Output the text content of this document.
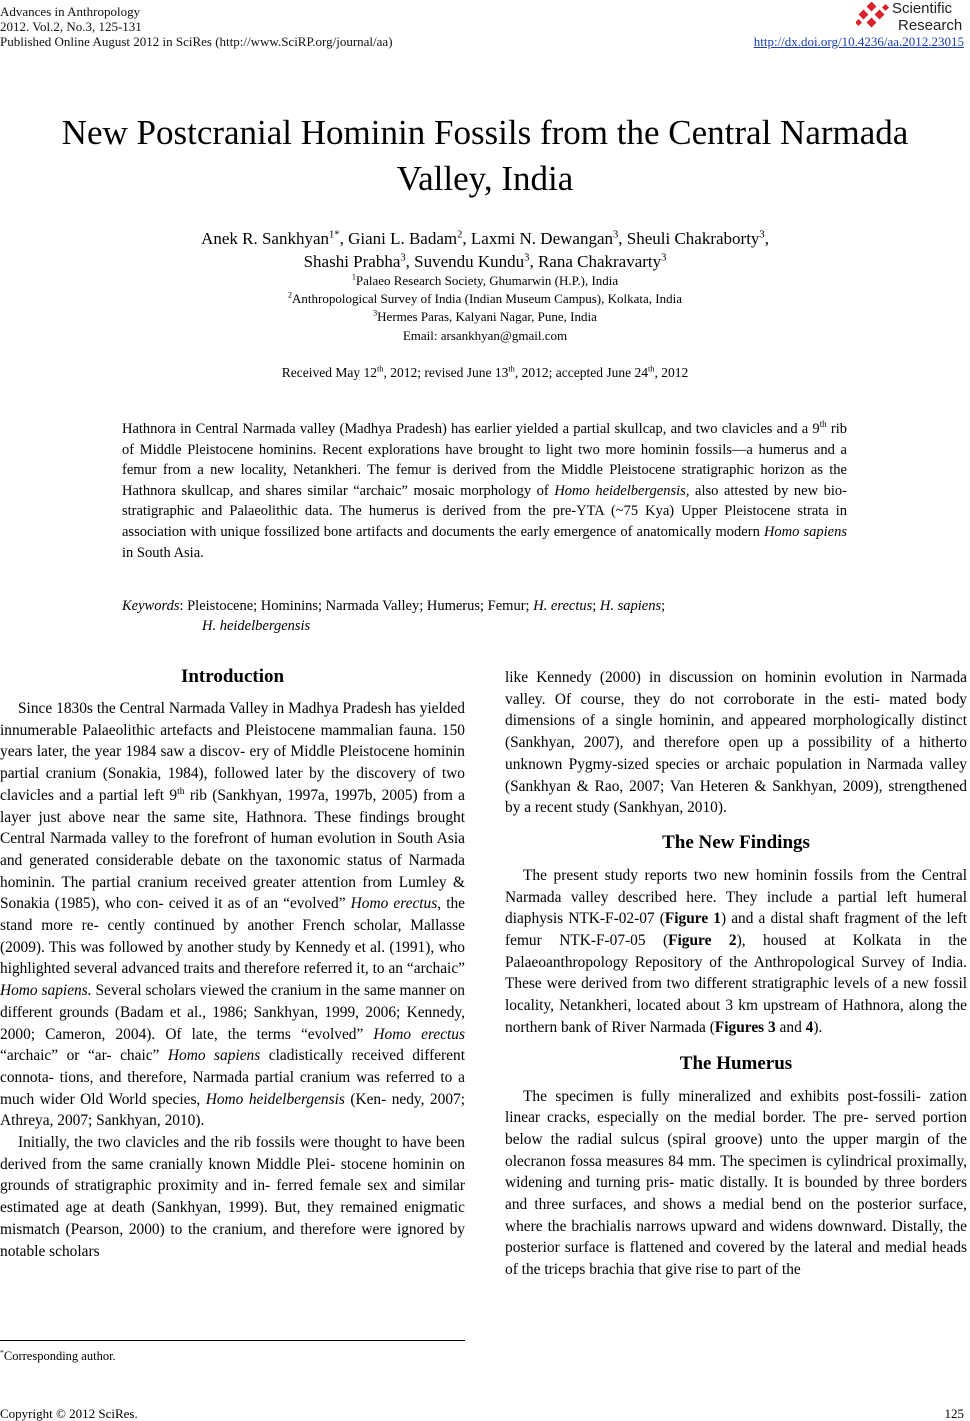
Advances in Anthropology
2012. Vol.2, No.3, 125-131
Published Online August 2012 in SciRes (http://www.SciRP.org/journal/aa)	http://dx.doi.org/10.4236/aa.2012.23015
Scientific
Research
New Postcranial Hominin Fossils from the Central Narmada
Valley, India
Anek R. Sankhyan$^{1*}$, Giani L. Badam$^2$, Laxmi N. Dewangan$^3$, Sheuli Chakraborty$^3$,
Shashi Prabha$^3$, Suvendu Kundu$^3$, Rana Chakravarty$^3$
$^1$Palaeo Research Society, Ghumarwin (H.P.), India
$^2$Anthropological Survey of India (Indian Museum Campus), Kolkata, India
$^3$Hermes Paras, Kalyani Nagar, Pune, India
Email: arsankhyan@gmail.com
Received May 12th, 2012; revised June 13th, 2012; accepted June 24th, 2012
Hathnora in Central Narmada valley (Madhya Pradesh) has earlier yielded a partial skullcap, and two clavicles and a 9th rib of Middle Pleistocene hominins. Recent explorations have brought to light two more hominin fossils—a humerus and a femur from a new locality, Netankheri. The femur is derived from the Middle Pleistocene stratigraphic horizon as the Hathnora skullcap, and shares similar “archaic” mosaic morphology of Homo heidelbergensis, also attested by new bio-stratigraphic and Palaeolithic data. The humerus is derived from the pre-YTA (~75 Kya) Upper Pleistocene strata in association with unique fossilized bone artifacts and documents the early emergence of anatomically modern Homo sapiens in South Asia.
Keywords: Pleistocene; Hominins; Narmada Valley; Humerus; Femur; H. erectus; H. sapiens;
H. heidelbergensis
Introduction

Since 1830s the Central Narmada Valley in Madhya Pradesh has yielded innumerable Palaeolithic artefacts and Pleistocene mammalian fauna. 150 years later, the year 1984 saw a discov- ery of Middle Pleistocene hominin partial cranium (Sonakia, 1984), followed later by the discovery of two clavicles and a partial left 9th rib (Sankhyan, 1997a, 1997b, 2005) from a layer just above near the same site, Hathnora. These findings brought Central Narmada valley to the forefront of human evolution in South Asia and generated considerable debate on the taxonomic status of Narmada hominin. The partial cranium received greater attention from Lumley & Sonakia (1985), who con- ceived it as of an “evolved” Homo erectus, the stand more re- cently continued by another French scholar, Mallasse (2009). This was followed by another study by Kennedy et al. (1991), who highlighted several advanced traits and therefore referred it, to an “archaic” Homo sapiens. Several scholars viewed the cranium in the same manner on different grounds (Badam et al., 1986; Sankhyan, 1999, 2006; Kennedy, 2000; Cameron, 2004). Of late, the terms “evolved” Homo erectus “archaic” or “ar- chaic” Homo sapiens cladistically received different connota- tions, and therefore, Narmada partial cranium was referred to a much wider Old World species, Homo heidelbergensis (Ken- nedy, 2007; Athreya, 2007; Sankhyan, 2010).

Initially, the two clavicles and the rib fossils were thought to have been derived from the same cranially known Middle Plei- stocene hominin on grounds of stratigraphic proximity and in- ferred female sex and similar estimated age at death (Sankhyan, 1999). But, they remained enigmatic mismatch (Pearson, 2000) to the cranium, and therefore were ignored by notable scholars

like Kennedy (2000) in discussion on hominin evolution in Narmada valley. Of course, they do not corroborate in the esti- mated body dimensions of a single hominin, and appeared morphologically distinct (Sankhyan, 2007), and therefore open up a possibility of a hitherto unknown Pygmy-sized species or archaic population in Narmada valley (Sankhyan & Rao, 2007; Van Heteren & Sankhyan, 2009), strengthened by a recent study (Sankhyan, 2010).

The New Findings

The present study reports two new hominin fossils from the Central Narmada valley described here. They include a partial left humeral diaphysis NTK-F-02-07 (Figure 1) and a distal shaft fragment of the left femur NTK-F-07-05 (Figure 2), housed at Kolkata in the Palaeoanthropology Repository of the Anthropological Survey of India. These were derived from two different stratigraphic levels of a new fossil locality, Netankheri, located about 3 km upstream of Hathnora, along the northern bank of River Narmada (Figures 3 and 4).

The Humerus

The specimen is fully mineralized and exhibits post-fossili- zation linear cracks, especially on the medial border. The pre- served portion below the radial sulcus (spiral groove) unto the upper margin of the olecranon fossa measures 84 mm. The specimen is cylindrical proximally, widening and turning pris- matic distally. It is bounded by three borders and three surfaces, and shows a medial bend on the posterior surface, where the brachialis narrows upward and widens downward. Distally, the posterior surface is flattened and covered by the lateral and medial heads of the triceps brachia that give rise to part of the

*Corresponding author.
Copyright © 2012 SciRes.	125
